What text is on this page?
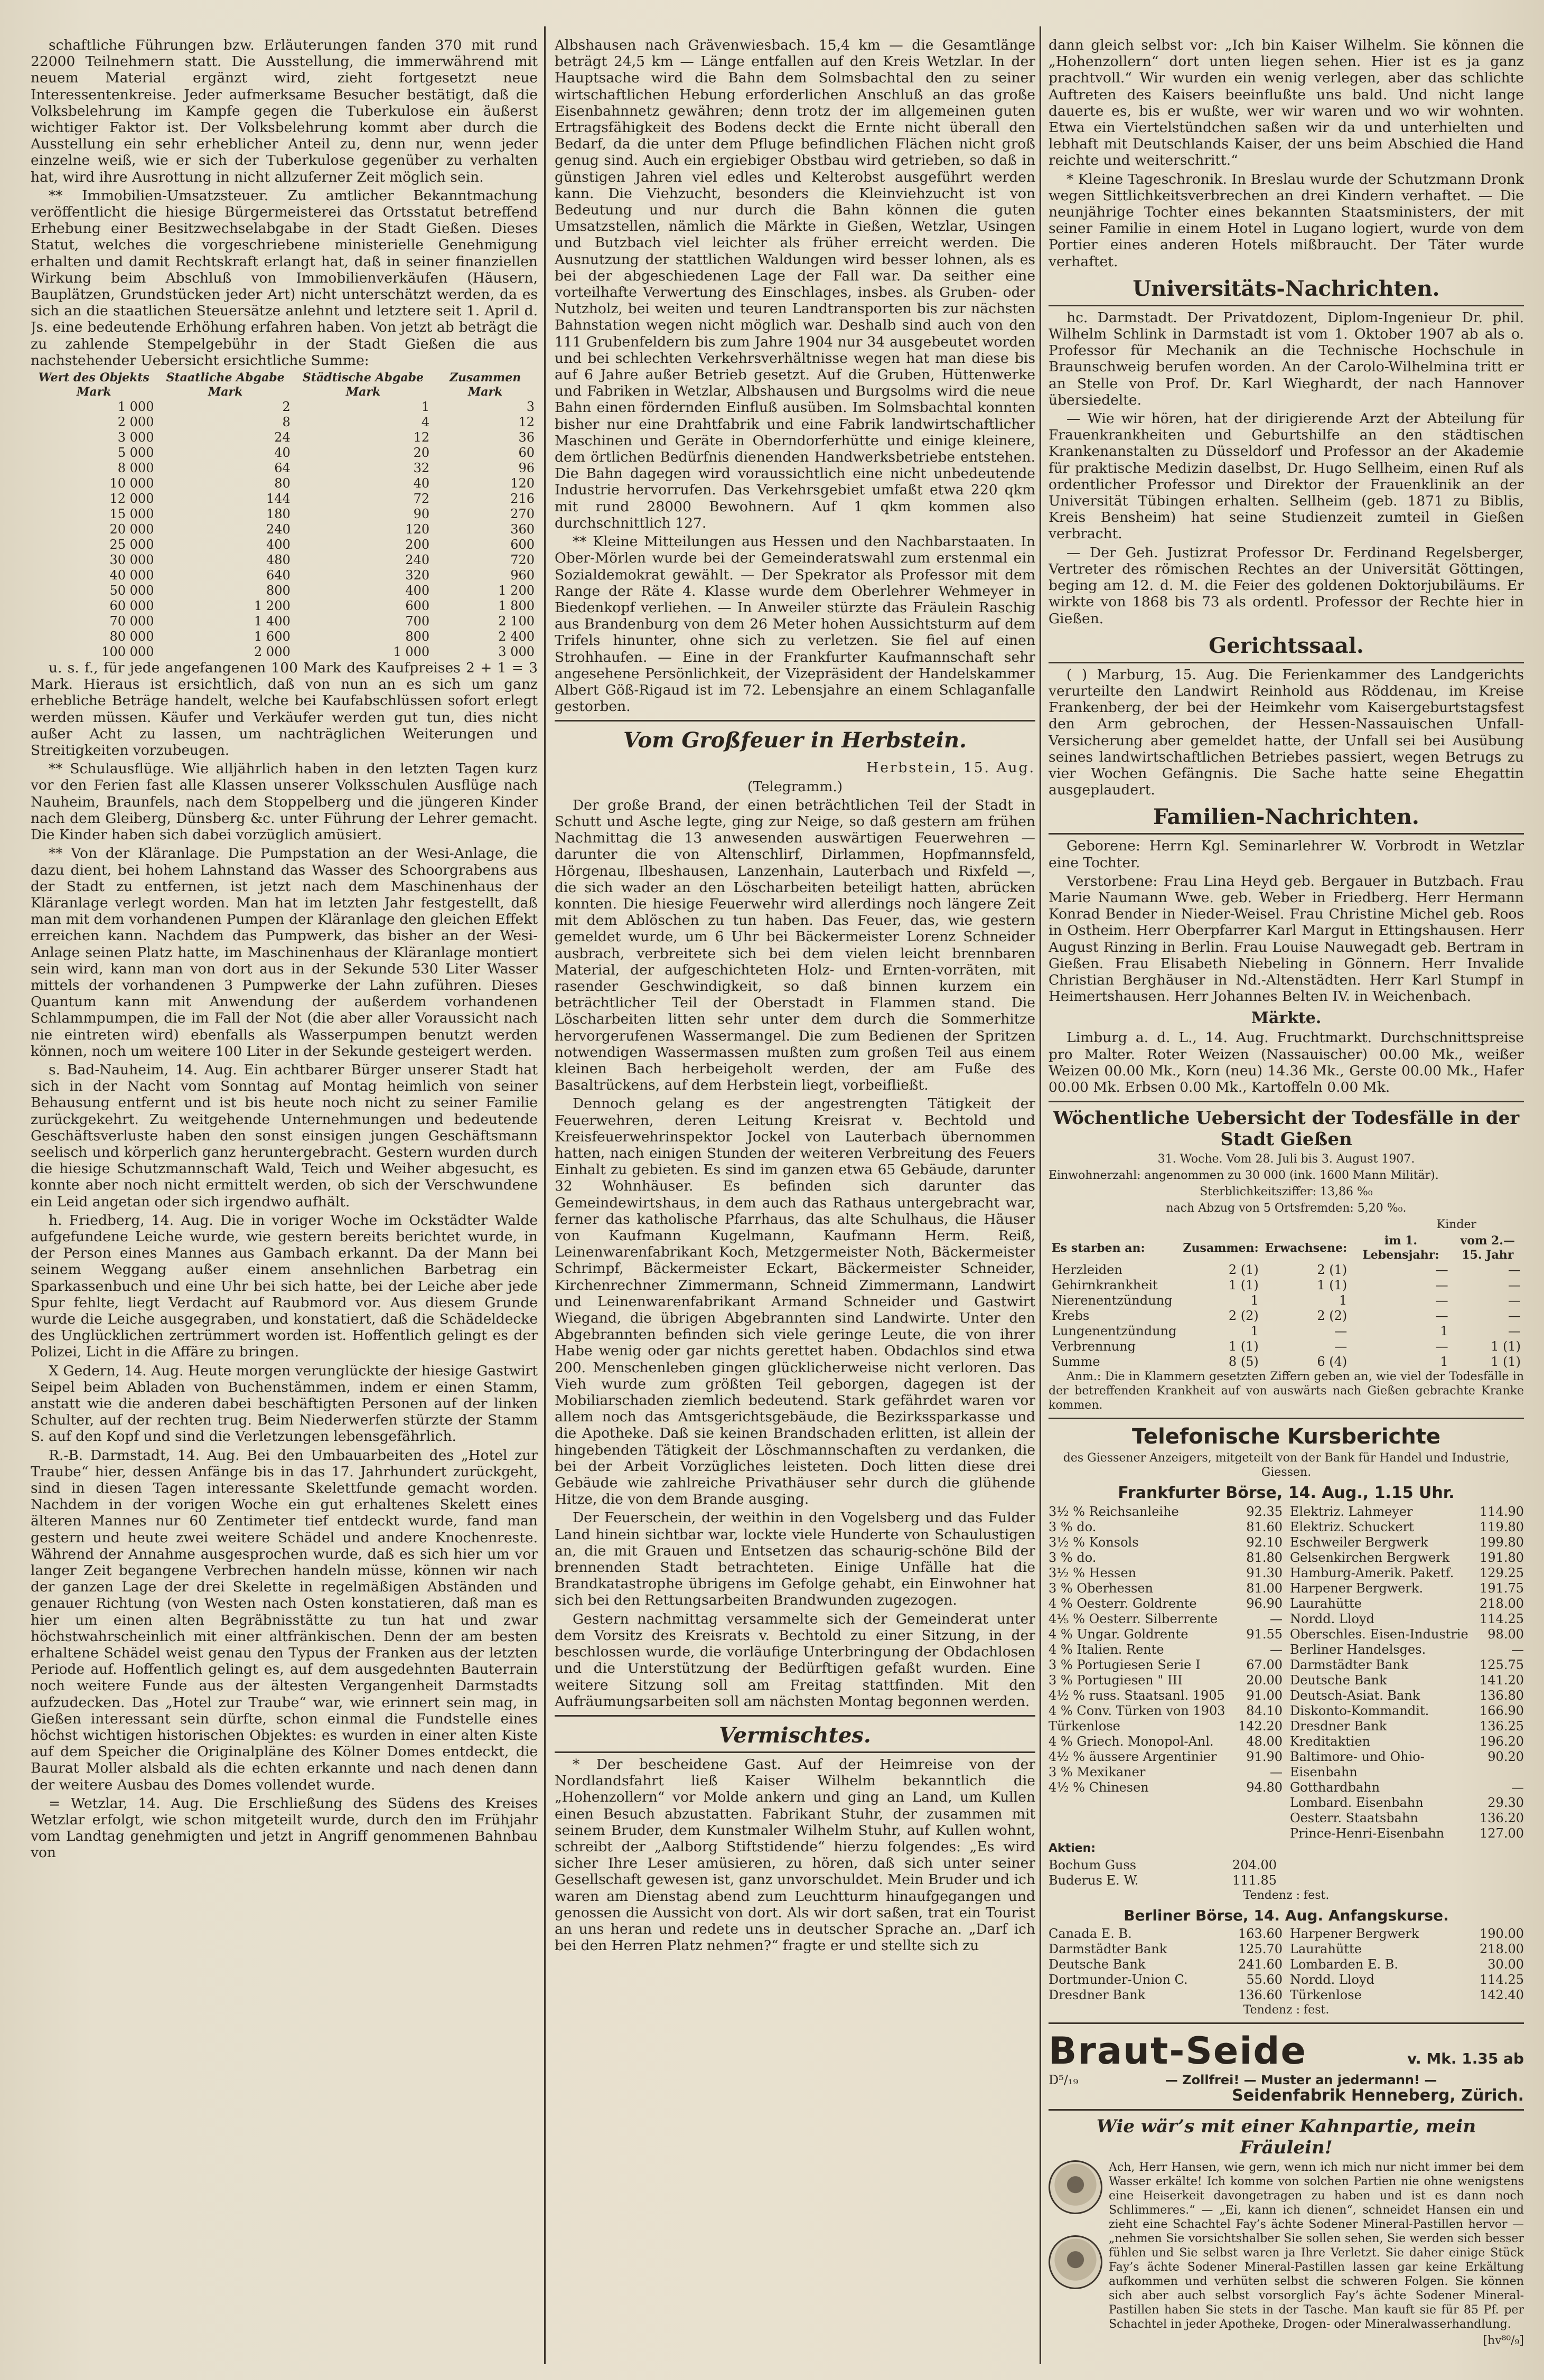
schaftliche Führungen bzw. Erläuterungen fanden 370 mit rund 22000 Teilnehmern statt. Die Ausstellung, die immerwährend mit neuem Material ergänzt wird, zieht fortgesetzt neue Interessentenkreise. Jeder aufmerksame Besucher bestätigt, daß die Volksbelehrung im Kampfe gegen die Tuberkulose ein äußerst wichtiger Faktor ist. Der Volksbelehrung kommt aber durch die Ausstellung ein sehr erheblicher Anteil zu, denn nur, wenn jeder einzelne weiß, wie er sich der Tuberkulose gegenüber zu verhalten hat, wird ihre Ausrottung in nicht allzuferner Zeit möglich sein.

** Immobilien-Umsatzsteuer. Zu amtlicher Bekanntmachung veröffentlicht die hiesige Bürgermeisterei das Ortsstatut betreffend Erhebung einer Besitzwechselabgabe in der Stadt Gießen. Dieses Statut, welches die vorgeschriebene ministerielle Genehmigung erhalten und damit Rechtskraft erlangt hat, daß in seiner finanziellen Wirkung beim Abschluß von Immobilienverkäufen (Häusern, Bauplätzen, Grundstücken jeder Art) nicht unterschätzt werden, da es sich an die staatlichen Steuersätze anlehnt und letztere seit 1. April d. Js. eine bedeutende Erhöhung erfahren haben. Von jetzt ab beträgt die zu zahlende Stempelgebühr in der Stadt Gießen die aus nachstehender Uebersicht ersichtliche Summe:

Wert des Objekts Mark	Staatliche Abgabe Mark	Städtische Abgabe Mark	Zusammen Mark
1 000	2	1	3
2 000	8	4	12
3 000	24	12	36
5 000	40	20	60
8 000	64	32	96
10 000	80	40	120
12 000	144	72	216
15 000	180	90	270
20 000	240	120	360
25 000	400	200	600
30 000	480	240	720
40 000	640	320	960
50 000	800	400	1 200
60 000	1 200	600	1 800
70 000	1 400	700	2 100
80 000	1 600	800	2 400
100 000	2 000	1 000	3 000

u. s. f., für jede angefangenen 100 Mark des Kaufpreises 2 + 1 = 3 Mark. Hieraus ist ersichtlich, daß von nun an es sich um ganz erhebliche Beträge handelt, welche bei Kaufabschlüssen sofort erlegt werden müssen. Käufer und Verkäufer werden gut tun, dies nicht außer Acht zu lassen, um nachträglichen Weiterungen und Streitigkeiten vorzubeugen.

** Schulausflüge. Wie alljährlich haben in den letzten Tagen kurz vor den Ferien fast alle Klassen unserer Volksschulen Ausflüge nach Nauheim, Braunfels, nach dem Stoppelberg und die jüngeren Kinder nach dem Gleiberg, Dünsberg &c. unter Führung der Lehrer gemacht. Die Kinder haben sich dabei vorzüglich amüsiert.

** Von der Kläranlage. Die Pumpstation an der Wesi-Anlage, die dazu dient, bei hohem Lahnstand das Wasser des Schoorgrabens aus der Stadt zu entfernen, ist jetzt nach dem Maschinenhaus der Kläranlage verlegt worden. Man hat im letzten Jahr festgestellt, daß man mit dem vorhandenen Pumpen der Kläranlage den gleichen Effekt erreichen kann. Nachdem das Pumpwerk, das bisher an der Wesi-Anlage seinen Platz hatte, im Maschinenhaus der Kläranlage montiert sein wird, kann man von dort aus in der Sekunde 530 Liter Wasser mittels der vorhandenen 3 Pumpwerke der Lahn zuführen. Dieses Quantum kann mit Anwendung der außerdem vorhandenen Schlammpumpen, die im Fall der Not (die aber aller Voraussicht nach nie eintreten wird) ebenfalls als Wasserpumpen benutzt werden können, noch um weitere 100 Liter in der Sekunde gesteigert werden.

s. Bad-Nauheim, 14. Aug. Ein achtbarer Bürger unserer Stadt hat sich in der Nacht vom Sonntag auf Montag heimlich von seiner Behausung entfernt und ist bis heute noch nicht zu seiner Familie zurückgekehrt. Zu weitgehende Unternehmungen und bedeutende Geschäftsverluste haben den sonst einsigen jungen Geschäftsmann seelisch und körperlich ganz heruntergebracht. Gestern wurden durch die hiesige Schutzmannschaft Wald, Teich und Weiher abgesucht, es konnte aber noch nicht ermittelt werden, ob sich der Verschwundene ein Leid angetan oder sich irgendwo aufhält.

h. Friedberg, 14. Aug. Die in voriger Woche im Ockstädter Walde aufgefundene Leiche wurde, wie gestern bereits berichtet wurde, in der Person eines Mannes aus Gambach erkannt. Da der Mann bei seinem Weggang außer einem ansehnlichen Barbetrag ein Sparkassenbuch und eine Uhr bei sich hatte, bei der Leiche aber jede Spur fehlte, liegt Verdacht auf Raubmord vor. Aus diesem Grunde wurde die Leiche ausgegraben, und konstatiert, daß die Schädeldecke des Unglücklichen zertrümmert worden ist. Hoffentlich gelingt es der Polizei, Licht in die Affäre zu bringen.

X Gedern, 14. Aug. Heute morgen verunglückte der hiesige Gastwirt Seipel beim Abladen von Buchenstämmen, indem er einen Stamm, anstatt wie die anderen dabei beschäftigten Personen auf der linken Schulter, auf der rechten trug. Beim Niederwerfen stürzte der Stamm S. auf den Kopf und sind die Verletzungen lebensgefährlich.

R.-B. Darmstadt, 14. Aug. Bei den Umbauarbeiten des „Hotel zur Traube“ hier, dessen Anfänge bis in das 17. Jahrhundert zurückgeht, sind in diesen Tagen interessante Skelettfunde gemacht worden. Nachdem in der vorigen Woche ein gut erhaltenes Skelett eines älteren Mannes nur 60 Zentimeter tief entdeckt wurde, fand man gestern und heute zwei weitere Schädel und andere Knochenreste. Während der Annahme ausgesprochen wurde, daß es sich hier um vor langer Zeit begangene Verbrechen handeln müsse, können wir nach der ganzen Lage der drei Skelette in regelmäßigen Abständen und genauer Richtung (von Westen nach Osten konstatieren, daß man es hier um einen alten Begräbnisstätte zu tun hat und zwar höchstwahrscheinlich mit einer altfränkischen. Denn der am besten erhaltene Schädel weist genau den Typus der Franken aus der letzten Periode auf. Hoffentlich gelingt es, auf dem ausgedehnten Bauterrain noch weitere Funde aus der ältesten Vergangenheit Darmstadts aufzudecken. Das „Hotel zur Traube“ war, wie erinnert sein mag, in Gießen interessant sein dürfte, schon einmal die Fundstelle eines höchst wichtigen historischen Objektes: es wurden in einer alten Kiste auf dem Speicher die Originalpläne des Kölner Domes entdeckt, die Baurat Moller alsbald als die echten erkannte und nach denen dann der weitere Ausbau des Domes vollendet wurde.

= Wetzlar, 14. Aug. Die Erschließung des Südens des Kreises Wetzlar erfolgt, wie schon mitgeteilt wurde, durch den im Frühjahr vom Landtag genehmigten und jetzt in Angriff genommenen Bahnbau von

Albshausen nach Grävenwiesbach. 15,4 km — die Gesamtlänge beträgt 24,5 km — Länge entfallen auf den Kreis Wetzlar. In der Hauptsache wird die Bahn dem Solmsbachtal den zu seiner wirtschaftlichen Hebung erforderlichen Anschluß an das große Eisenbahnnetz gewähren; denn trotz der im allgemeinen guten Ertragsfähigkeit des Bodens deckt die Ernte nicht überall den Bedarf, da die unter dem Pfluge befindlichen Flächen nicht groß genug sind. Auch ein ergiebiger Obstbau wird getrieben, so daß in günstigen Jahren viel edles und Kelterobst ausgeführt werden kann. Die Viehzucht, besonders die Kleinviehzucht ist von Bedeutung und nur durch die Bahn können die guten Umsatzstellen, nämlich die Märkte in Gießen, Wetzlar, Usingen und Butzbach viel leichter als früher erreicht werden. Die Ausnutzung der stattlichen Waldungen wird besser lohnen, als es bei der abgeschiedenen Lage der Fall war. Da seither eine vorteilhafte Verwertung des Einschlages, insbes. als Gruben- oder Nutzholz, bei weiten und teuren Landtransporten bis zur nächsten Bahnstation wegen nicht möglich war. Deshalb sind auch von den 111 Grubenfeldern bis zum Jahre 1904 nur 34 ausgebeutet worden und bei schlechten Verkehrsverhältnisse wegen hat man diese bis auf 6 Jahre außer Betrieb gesetzt. Auf die Gruben, Hüttenwerke und Fabriken in Wetzlar, Albshausen und Burgsolms wird die neue Bahn einen fördernden Einfluß ausüben. Im Solmsbachtal konnten bisher nur eine Drahtfabrik und eine Fabrik landwirtschaftlicher Maschinen und Geräte in Oberndorferhütte und einige kleinere, dem örtlichen Bedürfnis dienenden Handwerksbetriebe entstehen. Die Bahn dagegen wird voraussichtlich eine nicht unbedeutende Industrie hervorrufen. Das Verkehrsgebiet umfaßt etwa 220 qkm mit rund 28000 Bewohnern. Auf 1 qkm kommen also durchschnittlich 127.

** Kleine Mitteilungen aus Hessen und den Nachbarstaaten. In Ober-Mörlen wurde bei der Gemeinderatswahl zum erstenmal ein Sozialdemokrat gewählt. — Der Spekrator als Professor mit dem Range der Räte 4. Klasse wurde dem Oberlehrer Wehmeyer in Biedenkopf verliehen. — In Anweiler stürzte das Fräulein Raschig aus Brandenburg von dem 26 Meter hohen Aussichtsturm auf dem Trifels hinunter, ohne sich zu verletzen. Sie fiel auf einen Strohhaufen. — Eine in der Frankfurter Kaufmannschaft sehr angesehene Persönlichkeit, der Vizepräsident der Handelskammer Albert Göß-Rigaud ist im 72. Lebensjahre an einem Schlaganfalle gestorben.

Vom Großfeuer in Herbstein.

Herbstein, 15. Aug.

(Telegramm.)

Der große Brand, der einen beträchtlichen Teil der Stadt in Schutt und Asche legte, ging zur Neige, so daß gestern am frühen Nachmittag die 13 anwesenden auswärtigen Feuerwehren — darunter die von Altenschlirf, Dirlammen, Hopfmannsfeld, Hörgenau, Ilbeshausen, Lanzenhain, Lauterbach und Rixfeld —, die sich wader an den Löscharbeiten beteiligt hatten, abrücken konnten. Die hiesige Feuerwehr wird allerdings noch längere Zeit mit dem Ablöschen zu tun haben. Das Feuer, das, wie gestern gemeldet wurde, um 6 Uhr bei Bäckermeister Lorenz Schneider ausbrach, verbreitete sich bei dem vielen leicht brennbaren Material, der aufgeschichteten Holz- und Ernten-vorräten, mit rasender Geschwindigkeit, so daß binnen kurzem ein beträchtlicher Teil der Oberstadt in Flammen stand. Die Löscharbeiten litten sehr unter dem durch die Sommerhitze hervorgerufenen Wassermangel. Die zum Bedienen der Spritzen notwendigen Wassermassen mußten zum großen Teil aus einem kleinen Bach herbeigeholt werden, der am Fuße des Basaltrückens, auf dem Herbstein liegt, vorbeifließt.

Dennoch gelang es der angestrengten Tätigkeit der Feuerwehren, deren Leitung Kreisrat v. Bechtold und Kreisfeuerwehrinspektor Jockel von Lauterbach übernommen hatten, nach einigen Stunden der weiteren Verbreitung des Feuers Einhalt zu gebieten. Es sind im ganzen etwa 65 Gebäude, darunter 32 Wohnhäuser. Es befinden sich darunter das Gemeindewirtshaus, in dem auch das Rathaus untergebracht war, ferner das katholische Pfarrhaus, das alte Schulhaus, die Häuser von Kaufmann Kugelmann, Kaufmann Herm. Reiß, Leinenwarenfabrikant Koch, Metzgermeister Noth, Bäckermeister Schrimpf, Bäckermeister Eckart, Bäckermeister Schneider, Kirchenrechner Zimmermann, Schneid Zimmermann, Landwirt und Leinenwarenfabrikant Armand Schneider und Gastwirt Wiegand, die übrigen Abgebrannten sind Landwirte. Unter den Abgebrannten befinden sich viele geringe Leute, die von ihrer Habe wenig oder gar nichts gerettet haben. Obdachlos sind etwa 200. Menschenleben gingen glücklicherweise nicht verloren. Das Vieh wurde zum größten Teil geborgen, dagegen ist der Mobiliarschaden ziemlich bedeutend. Stark gefährdet waren vor allem noch das Amtsgerichtsgebäude, die Bezirkssparkasse und die Apotheke. Daß sie keinen Brandschaden erlitten, ist allein der hingebenden Tätigkeit der Löschmannschaften zu verdanken, die bei der Arbeit Vorzügliches leisteten. Doch litten diese drei Gebäude wie zahlreiche Privathäuser sehr durch die glühende Hitze, die von dem Brande ausging.

Der Feuerschein, der weithin in den Vogelsberg und das Fulder Land hinein sichtbar war, lockte viele Hunderte von Schaulustigen an, die mit Grauen und Entsetzen das schaurig-schöne Bild der brennenden Stadt betrachteten. Einige Unfälle hat die Brandkatastrophe übrigens im Gefolge gehabt, ein Einwohner hat sich bei den Rettungsarbeiten Brandwunden zugezogen.

Gestern nachmittag versammelte sich der Gemeinderat unter dem Vorsitz des Kreisrats v. Bechtold zu einer Sitzung, in der beschlossen wurde, die vorläufige Unterbringung der Obdachlosen und die Unterstützung der Bedürftigen gefaßt wurden. Eine weitere Sitzung soll am Freitag stattfinden. Mit den Aufräumungsarbeiten soll am nächsten Montag begonnen werden.

Vermischtes.

* Der bescheidene Gast. Auf der Heimreise von der Nordlandsfahrt ließ Kaiser Wilhelm bekanntlich die „Hohenzollern“ vor Molde ankern und ging an Land, um Kullen einen Besuch abzustatten. Fabrikant Stuhr, der zusammen mit seinem Bruder, dem Kunstmaler Wilhelm Stuhr, auf Kullen wohnt, schreibt der „Aalborg Stiftstidende“ hierzu folgendes: „Es wird sicher Ihre Leser amüsieren, zu hören, daß sich unter seiner Gesellschaft gewesen ist, ganz unvorschuldet. Mein Bruder und ich waren am Dienstag abend zum Leuchtturm hinaufgegangen und genossen die Aussicht von dort. Als wir dort saßen, trat ein Tourist an uns heran und redete uns in deutscher Sprache an. „Darf ich bei den Herren Platz nehmen?“ fragte er und stellte sich zu

dann gleich selbst vor: „Ich bin Kaiser Wilhelm. Sie können die „Hohenzollern“ dort unten liegen sehen. Hier ist es ja ganz prachtvoll.“ Wir wurden ein wenig verlegen, aber das schlichte Auftreten des Kaisers beeinflußte uns bald. Und nicht lange dauerte es, bis er wußte, wer wir waren und wo wir wohnten. Etwa ein Viertelstündchen saßen wir da und unterhielten und lebhaft mit Deutschlands Kaiser, der uns beim Abschied die Hand reichte und weiterschritt.“

* Kleine Tageschronik. In Breslau wurde der Schutzmann Dronk wegen Sittlichkeitsverbrechen an drei Kindern verhaftet. — Die neunjährige Tochter eines bekannten Staatsministers, der mit seiner Familie in einem Hotel in Lugano logiert, wurde von dem Portier eines anderen Hotels mißbraucht. Der Täter wurde verhaftet.

Universitäts-Nachrichten.

hc. Darmstadt. Der Privatdozent, Diplom-Ingenieur Dr. phil. Wilhelm Schlink in Darmstadt ist vom 1. Oktober 1907 ab als o. Professor für Mechanik an die Technische Hochschule in Braunschweig berufen worden. An der Carolo-Wilhelmina tritt er an Stelle von Prof. Dr. Karl Wieghardt, der nach Hannover übersiedelte.

— Wie wir hören, hat der dirigierende Arzt der Abteilung für Frauenkrankheiten und Geburtshilfe an den städtischen Krankenanstalten zu Düsseldorf und Professor an der Akademie für praktische Medizin daselbst, Dr. Hugo Sellheim, einen Ruf als ordentlicher Professor und Direktor der Frauenklinik an der Universität Tübingen erhalten. Sellheim (geb. 1871 zu Biblis, Kreis Bensheim) hat seine Studienzeit zumteil in Gießen verbracht.

— Der Geh. Justizrat Professor Dr. Ferdinand Regelsberger, Vertreter des römischen Rechtes an der Universität Göttingen, beging am 12. d. M. die Feier des goldenen Doktorjubiläums. Er wirkte von 1868 bis 73 als ordentl. Professor der Rechte hier in Gießen.

Gerichtssaal.

( ) Marburg, 15. Aug. Die Ferienkammer des Landgerichts verurteilte den Landwirt Reinhold aus Röddenau, im Kreise Frankenberg, der bei der Heimkehr vom Kaisergeburtstagsfest den Arm gebrochen, der Hessen-Nassauischen Unfall-Versicherung aber gemeldet hatte, der Unfall sei bei Ausübung seines landwirtschaftlichen Betriebes passiert, wegen Betrugs zu vier Wochen Gefängnis. Die Sache hatte seine Ehegattin ausgeplaudert.

Familien-Nachrichten.

Geborene: Herrn Kgl. Seminarlehrer W. Vorbrodt in Wetzlar eine Tochter.

Verstorbene: Frau Lina Heyd geb. Bergauer in Butzbach. Frau Marie Naumann Wwe. geb. Weber in Friedberg. Herr Hermann Konrad Bender in Nieder-Weisel. Frau Christine Michel geb. Roos in Ostheim. Herr Oberpfarrer Karl Margut in Ettingshausen. Herr August Rinzing in Berlin. Frau Louise Nauwegadt geb. Bertram in Gießen. Frau Elisabeth Niebeling in Gönnern. Herr Invalide Christian Berghäuser in Nd.-Altenstädten. Herr Karl Stumpf in Heimertshausen. Herr Johannes Belten IV. in Weichenbach.

Märkte.

Limburg a. d. L., 14. Aug. Fruchtmarkt. Durchschnittspreise pro Malter. Roter Weizen (Nassauischer) 00.00 Mk., weißer Weizen 00.00 Mk., Korn (neu) 14.36 Mk., Gerste 00.00 Mk., Hafer 00.00 Mk. Erbsen 0.00 Mk., Kartoffeln 0.00 Mk.

Wöchentliche Uebersicht der Todesfälle in der Stadt Gießen

31. Woche. Vom 28. Juli bis 3. August 1907.

Einwohnerzahl: angenommen zu 30 000 (ink. 1600 Mann Militär).

Sterblichkeitsziffer: 13,86 %₀

nach Abzug von 5 Ortsfremden: 5,20 %₀.

Kinder

Es starben an:	Zusammen:	Erwachsene:	im 1. Lebensjahr:	vom 2.—15. Jahr
Herzleiden	2 (1)	2 (1)	—	—
Gehirnkrankheit	1 (1)	1 (1)	—	—
Nierenentzündung	1	1	—	—
Krebs	2 (2)	2 (2)	—	—
Lungenentzündung	1	—	1	—
Verbrennung	1 (1)	—	—	1 (1)
Summe	8 (5)	6 (4)	1	1 (1)

Anm.: Die in Klammern gesetzten Ziffern geben an, wie viel der Todesfälle in der betreffenden Krankheit auf von auswärts nach Gießen gebrachte Kranke kommen.

Telefonische Kursberichte

des Giessener Anzeigers, mitgeteilt von der Bank für Handel und Industrie, Giessen.

Frankfurter Börse, 14. Aug., 1.15 Uhr.
3½ % Reichsanleihe	92.35
3 % do.	81.60
3½ % Konsols	92.10
3 % do.	81.80
3½ % Hessen	91.30
3 % Oberhessen	81.00
4 % Oesterr. Goldrente	96.90
4⅕ % Oesterr. Silberrente	—
4 % Ungar. Goldrente	91.55
4 % Italien. Rente	—
3 % Portugiesen Serie I	67.00
3 % Portugiesen " III	20.00
4½ % russ. Staatsanl. 1905 91.00
4 % Conv. Türken von 1903 84.10
Türkenlose	142.20
4 % Griech. Monopol-Anl.	48.00
4½ % äussere Argentinier 91.90
3 % Mexikaner	—
4½ % Chinesen	94.80
Elektriz. Lahmeyer	114.90
Elektriz. Schuckert	119.80
Eschweiler Bergwerk	199.80
Gelsenkirchen Bergwerk 191.80
Hamburg-Amerik. Paketf. 129.25
Harpener Bergwerk.	191.75
Laurahütte	218.00
Nordd. Lloyd	114.25
Oberschles. Eisen-Industrie 98.00
Berliner Handelsges.	—
Darmstädter Bank	125.75
Deutsche Bank	141.20
Deutsch-Asiat. Bank	136.80
Diskonto-Kommandit.	166.90
Dresdner Bank	136.25
Kreditaktien	196.20
Baltimore- und Ohio-Eisenbahn
90.20
Gotthardbahn	—
Lombard. Eisenbahn	29.30
Oesterr. Staatsbahn	136.20
Prince-Henri-Eisenbahn	127.00

Aktien:

Bochum Guss	204.00
Buderus E. W.	111.85

Tendenz : fest.

Berliner Börse, 14. Aug. Anfangskurse.
Canada E. B.	163.60
Darmstädter Bank	125.70
Deutsche Bank	241.60
Dortmunder-Union C.	55.60
Dresdner Bank	136.60
Harpener Bergwerk	190.00
Laurahütte	218.00
Lombarden E. B.	30.00
Nordd. Lloyd	114.25
Türkenlose	142.40

Tendenz : fest.

Braut-Seide	v. Mk. 1.35 ab
D⁵/₁₉	— Zollfrei! — Muster an jedermann! —

Seidenfabrik Henneberg, Zürich.

Wie wär’s mit einer Kahnpartie, mein Fräulein!

Ach, Herr Hansen, wie gern, wenn ich mich nur nicht immer bei dem Wasser erkälte! Ich komme von solchen Partien nie ohne wenigstens eine Heiserkeit davongetragen zu haben und ist es dann noch Schlimmeres.“ — „Ei, kann ich dienen“, schneidet Hansen ein und zieht eine Schachtel Fay’s ächte Sodener Mineral-Pastillen hervor — „nehmen Sie vorsichtshalber Sie sollen sehen, Sie werden sich besser fühlen und Sie selbst waren ja Ihre Verletzt. Sie daher einige Stück Fay’s ächte Sodener Mineral-Pastillen lassen gar keine Erkältung aufkommen und verhüten selbst die schweren Folgen. Sie können sich aber auch selbst vorsorglich Fay’s ächte Sodener Mineral-Pastillen haben Sie stets in der Tasche. Man kauft sie für 85 Pf. per Schachtel in jeder Apotheke, Drogen- oder Mineralwasserhandlung.

[hv⁸⁰/₉]
